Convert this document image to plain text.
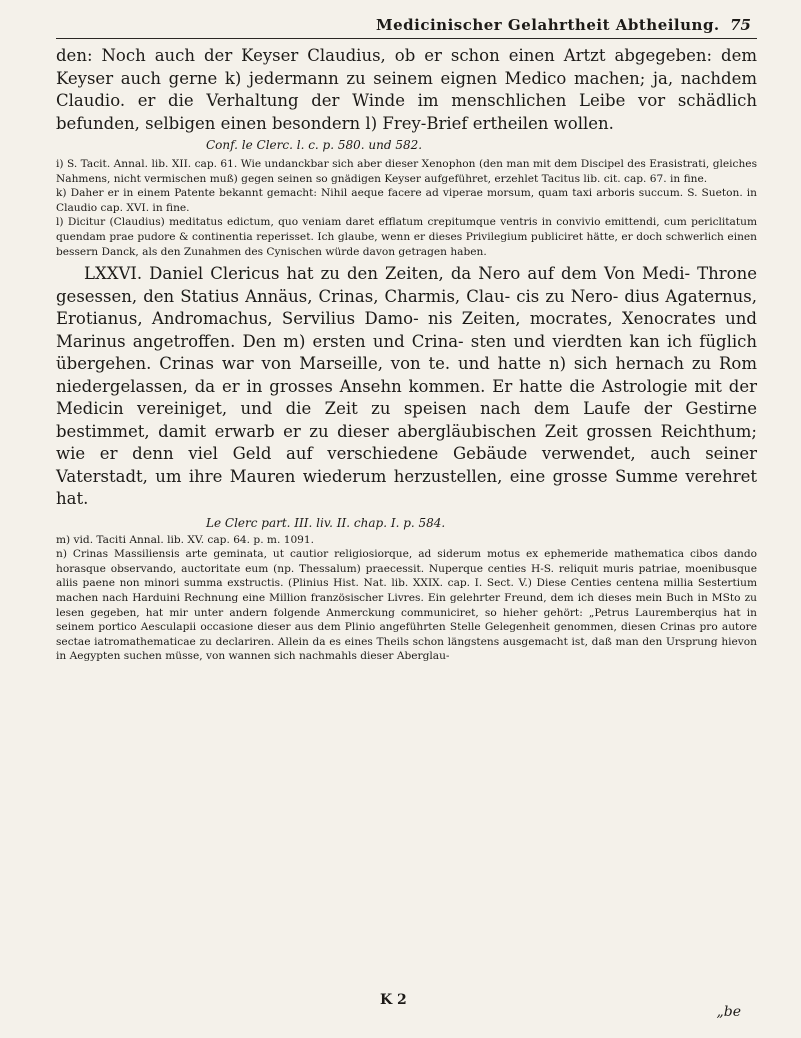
Medicinischer Gelahrtheit Abtheilung. 75

den: Noch auch der Keyser Claudius, ob er schon einen Artzt abgegeben: dem Keyser auch gerne k) jedermann zu seinem eignen Medico machen; ja, nachdem Claudio. er die Verhaltung der Winde im menschlichen Leibe vor schädlich befunden, selbigen einen besondern l) Frey-Brief ertheilen wollen.

Conf. le Clerc. l. c. p. 580. und 582.

i) S. Tacit. Annal. lib. XII. cap. 61. Wie undanckbar sich aber dieser Xenophon (den man mit dem Discipel des Erasistrati, gleiches Nahmens, nicht vermischen muß) gegen seinen so gnädigen Keyser aufgeführet, erzehlet Tacitus lib. cit. cap. 67. in fine.

k) Daher er in einem Patente bekannt gemacht: Nihil aeque facere ad viperae morsum, quam taxi arboris succum. S. Sueton. in Claudio cap. XVI. in fine.

l) Dicitur (Claudius) meditatus edictum, quo veniam daret efflatum crepitumque ventris in convivio emittendi, cum periclitatum quendam prae pudore & continentia reperisset. Ich glaube, wenn er dieses Privilegium publiciret hätte, er doch schwerlich einen bessern Danck, als den Zunahmen des Cynischen würde davon getragen haben.

LXXVI. Daniel Clericus hat zu den Zeiten, da Nero auf dem Von Medi- Throne gesessen, den Statius Annäus, Crinas, Charmis, Clau- cis zu Nero- dius Agaternus, Erotianus, Andromachus, Servilius Damo- nis Zeiten, mocrates, Xenocrates und Marinus angetroffen. Den m) ersten und Crina- sten und vierdten kan ich füglich übergehen. Crinas war von Marseille, von te. und hatte n) sich hernach zu Rom niedergelassen, da er in grosses Ansehn kommen. Er hatte die Astrologie mit der Medicin vereiniget, und die Zeit zu speisen nach dem Laufe der Gestirne bestimmet, damit erwarb er zu dieser abergläubischen Zeit grossen Reichthum; wie er denn viel Geld auf verschiedene Gebäude verwendet, auch seiner Vaterstadt, um ihre Mauren wiederum herzustellen, eine grosse Summe verehret hat.

Le Clerc part. III. liv. II. chap. I. p. 584.

m) vid. Taciti Annal. lib. XV. cap. 64. p. m. 1091.

n) Crinas Massiliensis arte geminata, ut cautior religiosiorque, ad siderum motus ex ephemeride mathematica cibos dando horasque observando, auctoritate eum (np. Thessalum) praecessit. Nuperque centies H-S. reliquit muris patriae, moenibusque aliis paene non minori summa exstructis. (Plinius Hist. Nat. lib. XXIX. cap. I. Sect. V.) Diese Centies centena millia Sestertium machen nach Harduini Rechnung eine Million französischer Livres. Ein gelehrter Freund, dem ich dieses mein Buch in MSto zu lesen gegeben, hat mir unter andern folgende Anmerckung communiciret, so hieher gehört: „Petrus Lauremberqius hat in seinem portico Aesculapii occasione dieser aus dem Plinio angeführten Stelle Gelegenheit genommen, diesen Crinas pro autore sectae iatromathematicae zu declariren. Allein da es eines Theils schon längstens ausgemacht ist, daß man den Ursprung hievon in Aegypten suchen müsse, von wannen sich nachmahls dieser Aberglau-

K 2
„be
